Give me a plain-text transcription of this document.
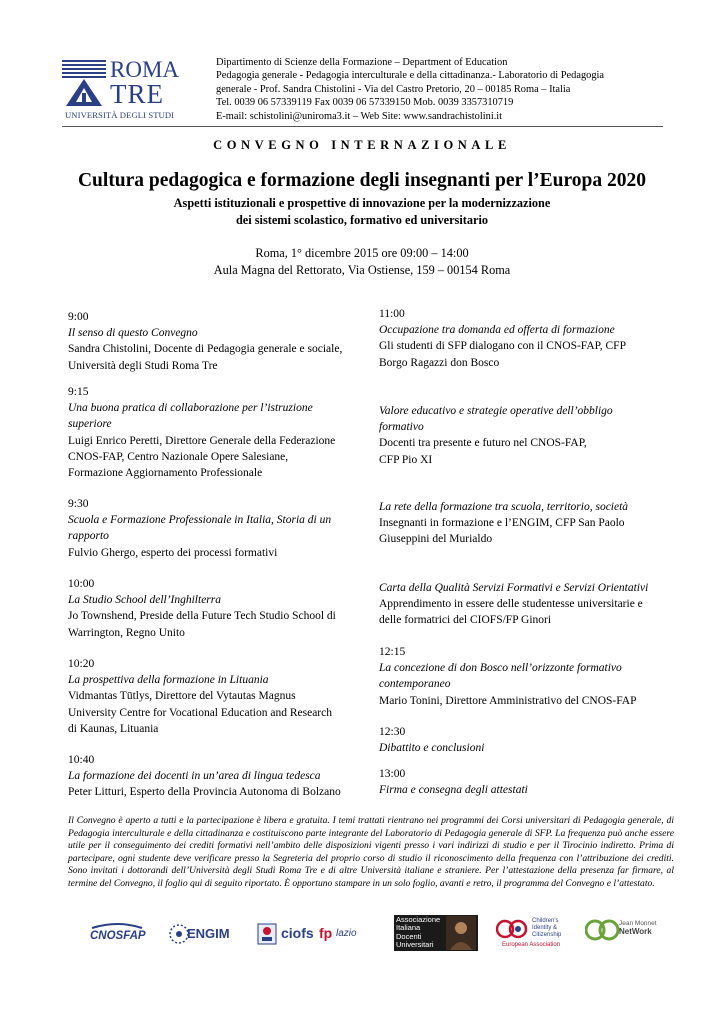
ROMA
TRE
UNIVERSITÀ DEGLI STUDI
Dipartimento di Scienze della Formazione – Department of Education
Pedagogia generale - Pedagogia interculturale e della cittadinanza.- Laboratorio di Pedagogia
generale - Prof. Sandra Chistolini - Via del Castro Pretorio, 20 – 00185 Roma – Italia
Tel. 0039 06 57339119 Fax 0039 06 57339150 Mob. 0039 3357310719
E-mail: schistolini@uniroma3.it – Web Site: www.sandrachistolini.it
CONVEGNO INTERNAZIONALE
Cultura pedagogica e formazione degli insegnanti per l’Europa 2020
Aspetti istituzionali e prospettive di innovazione per la modernizzazione
dei sistemi scolastico, formativo ed universitario
Roma, 1° dicembre 2015 ore 09:00 – 14:00
Aula Magna del Rettorato, Via Ostiense, 159 – 00154 Roma
9:00
Il senso di questo Convegno
Sandra Chistolini, Docente di Pedagogia generale e sociale,
Università degli Studi Roma Tre
9:15
Una buona pratica di collaborazione per l’istruzione
superiore
Luigi Enrico Peretti, Direttore Generale della Federazione
CNOS-FAP, Centro Nazionale Opere Salesiane,
Formazione Aggiornamento Professionale
9:30
Scuola e Formazione Professionale in Italia, Storia di un
rapporto
Fulvio Ghergo, esperto dei processi formativi
10:00
La Studio School dell’Inghilterra
Jo Townshend, Preside della Future Tech Studio School di
Warrington, Regno Unito
10:20
La prospettiva della formazione in Lituania
Vidmantas Tūtlys, Direttore del Vytautas Magnus
University Centre for Vocational Education and Research
di Kaunas, Lituania
10:40
La formazione dei docenti in un’area di lingua tedesca
Peter Litturi, Esperto della Provincia Autonoma di Bolzano
11:00
Occupazione tra domanda ed offerta di formazione
Gli studenti di SFP dialogano con il CNOS-FAP, CFP
Borgo Ragazzi don Bosco
Valore educativo e strategie operative dell’obbligo
formativo
Docenti tra presente e futuro nel CNOS-FAP,
CFP Pio XI
La rete della formazione tra scuola, territorio, società
Insegnanti in formazione e l’ENGIM, CFP San Paolo
Giuseppini del Murialdo
Carta della Qualità Servizi Formativi e Servizi Orientativi
Apprendimento in essere delle studentesse universitarie e
delle formatrici del CIOFS/FP Ginori
12:15
La concezione di don Bosco nell’orizzonte formativo
contemporaneo
Mario Tonini, Direttore Amministrativo del CNOS-FAP
12:30
Dibattito e conclusioni
13:00
Firma e consegna degli attestati
Il Convegno è aperto a tutti e la partecipazione è libera e gratuita. I temi trattati rientrano nei programmi dei Corsi universitari di Pedagogia generale, di Pedagogia interculturale e della cittadinanza e costituiscono parte integrante del Laboratorio di Pedagogia generale di SFP. La frequenza può anche essere utile per il conseguimento dei crediti formativi nell’ambito delle disposizioni vigenti presso i vari indirizzi di studio e per il Tirocinio indiretto. Prima di partecipare, ogni studente deve verificare presso la Segreteria del proprio corso di studio il riconoscimento della frequenza con l’attribuzione dei crediti. Sono invitati i dottorandi dell’Università degli Studi Roma Tre e di altre Università italiane e straniere. Per l’attestazione della presenza far firmare, al termine del Convegno, il foglio qui di seguito riportato. È opportuno stampare in un solo foglio, avanti e retro, il programma del Convegno e l’attestato.
CNOSFAP	ENGIM	ciofs fp lazio
Associazione
Italiana
Docenti
Universitari
Children's
Identity &
Citizenship
European Association
Jean Monnet
NetWork
